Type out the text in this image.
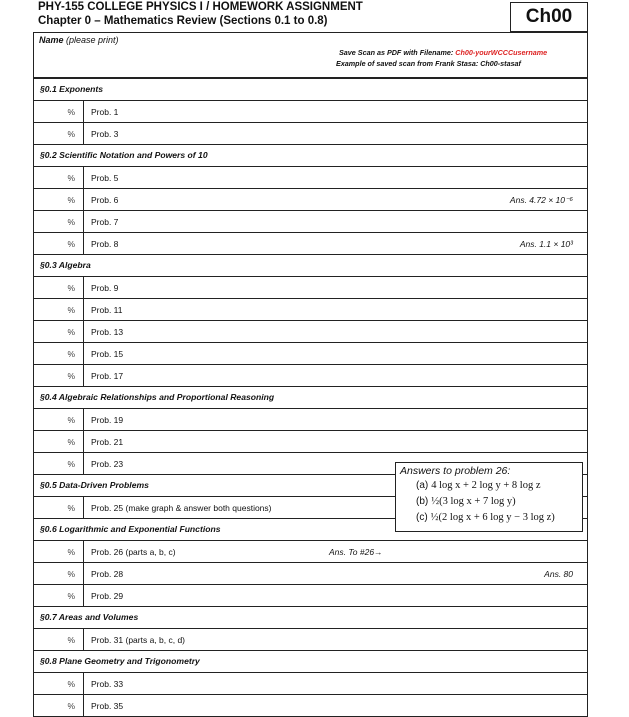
PHY-155 COLLEGE PHYSICS I / HOMEWORK ASSIGNMENT
Chapter 0 – Mathematics Review (Sections 0.1 to 0.8)	Ch00
Name (please print)
Save Scan as PDF with Filename: Ch00-yourWCCCusername
Example of saved scan from Frank Stasa: Ch00-stasaf
§0.1 Exponents
%	Prob. 1
%	Prob. 3
§0.2 Scientific Notation and Powers of 10
%	Prob. 5
%	Prob. 6	Ans. 4.72 × 10⁻⁶
%	Prob. 7
%	Prob. 8	Ans. 1.1 × 10³
§0.3 Algebra
%	Prob. 9
%	Prob. 11
%	Prob. 13
%	Prob. 15
%	Prob. 17
§0.4 Algebraic Relationships and Proportional Reasoning
%	Prob. 19
%	Prob. 21
%	Prob. 23
§0.5 Data-Driven Problems
%	Prob. 25 (make graph & answer both questions)
§0.6 Logarithmic and Exponential Functions
%	Prob. 26 (parts a, b, c)	Ans. To #26→
%	Prob. 28	Ans. 80
%	Prob. 29
§0.7 Areas and Volumes
%	Prob. 31 (parts a, b, c, d)
§0.8 Plane Geometry and Trigonometry
%	Prob. 33
%	Prob. 35
Answers to problem 26:
(a) 4 log x + 2 log y + 8 log z
(b) ½(3 log x + 7 log y)
(c) ½(2 log x + 6 log y − 3 log z)
